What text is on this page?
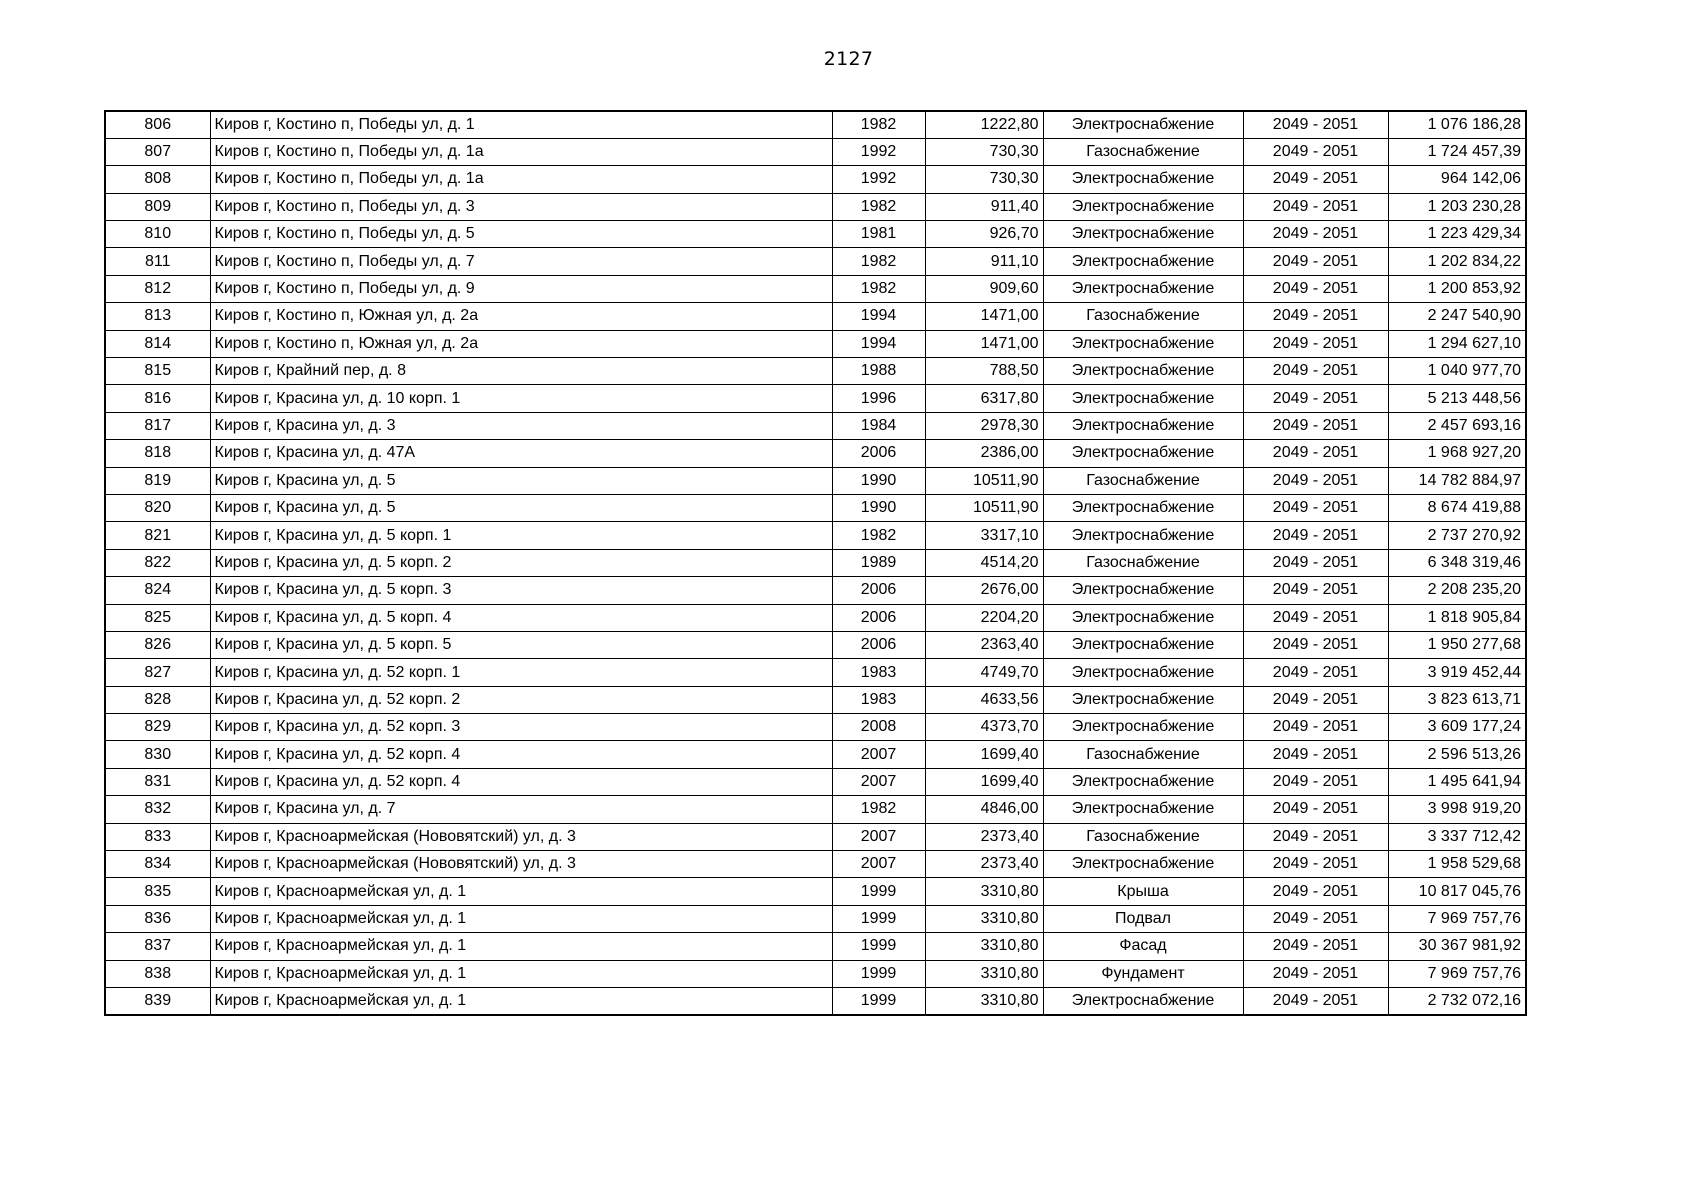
2127
806	Киров г, Костино п, Победы ул, д. 1	1982	1222,80	Электроснабжение	2049 - 2051	1 076 186,28
807	Киров г, Костино п, Победы ул, д. 1а	1992	730,30	Газоснабжение	2049 - 2051	1 724 457,39
808	Киров г, Костино п, Победы ул, д. 1а	1992	730,30	Электроснабжение	2049 - 2051	964 142,06
809	Киров г, Костино п, Победы ул, д. 3	1982	911,40	Электроснабжение	2049 - 2051	1 203 230,28
810	Киров г, Костино п, Победы ул, д. 5	1981	926,70	Электроснабжение	2049 - 2051	1 223 429,34
811	Киров г, Костино п, Победы ул, д. 7	1982	911,10	Электроснабжение	2049 - 2051	1 202 834,22
812	Киров г, Костино п, Победы ул, д. 9	1982	909,60	Электроснабжение	2049 - 2051	1 200 853,92
813	Киров г, Костино п, Южная ул, д. 2а	1994	1471,00	Газоснабжение	2049 - 2051	2 247 540,90
814	Киров г, Костино п, Южная ул, д. 2а	1994	1471,00	Электроснабжение	2049 - 2051	1 294 627,10
815	Киров г, Крайний пер, д. 8	1988	788,50	Электроснабжение	2049 - 2051	1 040 977,70
816	Киров г, Красина ул, д. 10 корп. 1	1996	6317,80	Электроснабжение	2049 - 2051	5 213 448,56
817	Киров г, Красина ул, д. 3	1984	2978,30	Электроснабжение	2049 - 2051	2 457 693,16
818	Киров г, Красина ул, д. 47А	2006	2386,00	Электроснабжение	2049 - 2051	1 968 927,20
819	Киров г, Красина ул, д. 5	1990	10511,90	Газоснабжение	2049 - 2051	14 782 884,97
820	Киров г, Красина ул, д. 5	1990	10511,90	Электроснабжение	2049 - 2051	8 674 419,88
821	Киров г, Красина ул, д. 5 корп. 1	1982	3317,10	Электроснабжение	2049 - 2051	2 737 270,92
822	Киров г, Красина ул, д. 5 корп. 2	1989	4514,20	Газоснабжение	2049 - 2051	6 348 319,46
824	Киров г, Красина ул, д. 5 корп. 3	2006	2676,00	Электроснабжение	2049 - 2051	2 208 235,20
825	Киров г, Красина ул, д. 5 корп. 4	2006	2204,20	Электроснабжение	2049 - 2051	1 818 905,84
826	Киров г, Красина ул, д. 5 корп. 5	2006	2363,40	Электроснабжение	2049 - 2051	1 950 277,68
827	Киров г, Красина ул, д. 52 корп. 1	1983	4749,70	Электроснабжение	2049 - 2051	3 919 452,44
828	Киров г, Красина ул, д. 52 корп. 2	1983	4633,56	Электроснабжение	2049 - 2051	3 823 613,71
829	Киров г, Красина ул, д. 52 корп. 3	2008	4373,70	Электроснабжение	2049 - 2051	3 609 177,24
830	Киров г, Красина ул, д. 52 корп. 4	2007	1699,40	Газоснабжение	2049 - 2051	2 596 513,26
831	Киров г, Красина ул, д. 52 корп. 4	2007	1699,40	Электроснабжение	2049 - 2051	1 495 641,94
832	Киров г, Красина ул, д. 7	1982	4846,00	Электроснабжение	2049 - 2051	3 998 919,20
833	Киров г, Красноармейская (Нововятский) ул, д. 3	2007	2373,40	Газоснабжение	2049 - 2051	3 337 712,42
834	Киров г, Красноармейская (Нововятский) ул, д. 3	2007	2373,40	Электроснабжение	2049 - 2051	1 958 529,68
835	Киров г, Красноармейская ул, д. 1	1999	3310,80	Крыша	2049 - 2051	10 817 045,76
836	Киров г, Красноармейская ул, д. 1	1999	3310,80	Подвал	2049 - 2051	7 969 757,76
837	Киров г, Красноармейская ул, д. 1	1999	3310,80	Фасад	2049 - 2051	30 367 981,92
838	Киров г, Красноармейская ул, д. 1	1999	3310,80	Фундамент	2049 - 2051	7 969 757,76
839	Киров г, Красноармейская ул, д. 1	1999	3310,80	Электроснабжение	2049 - 2051	2 732 072,16
